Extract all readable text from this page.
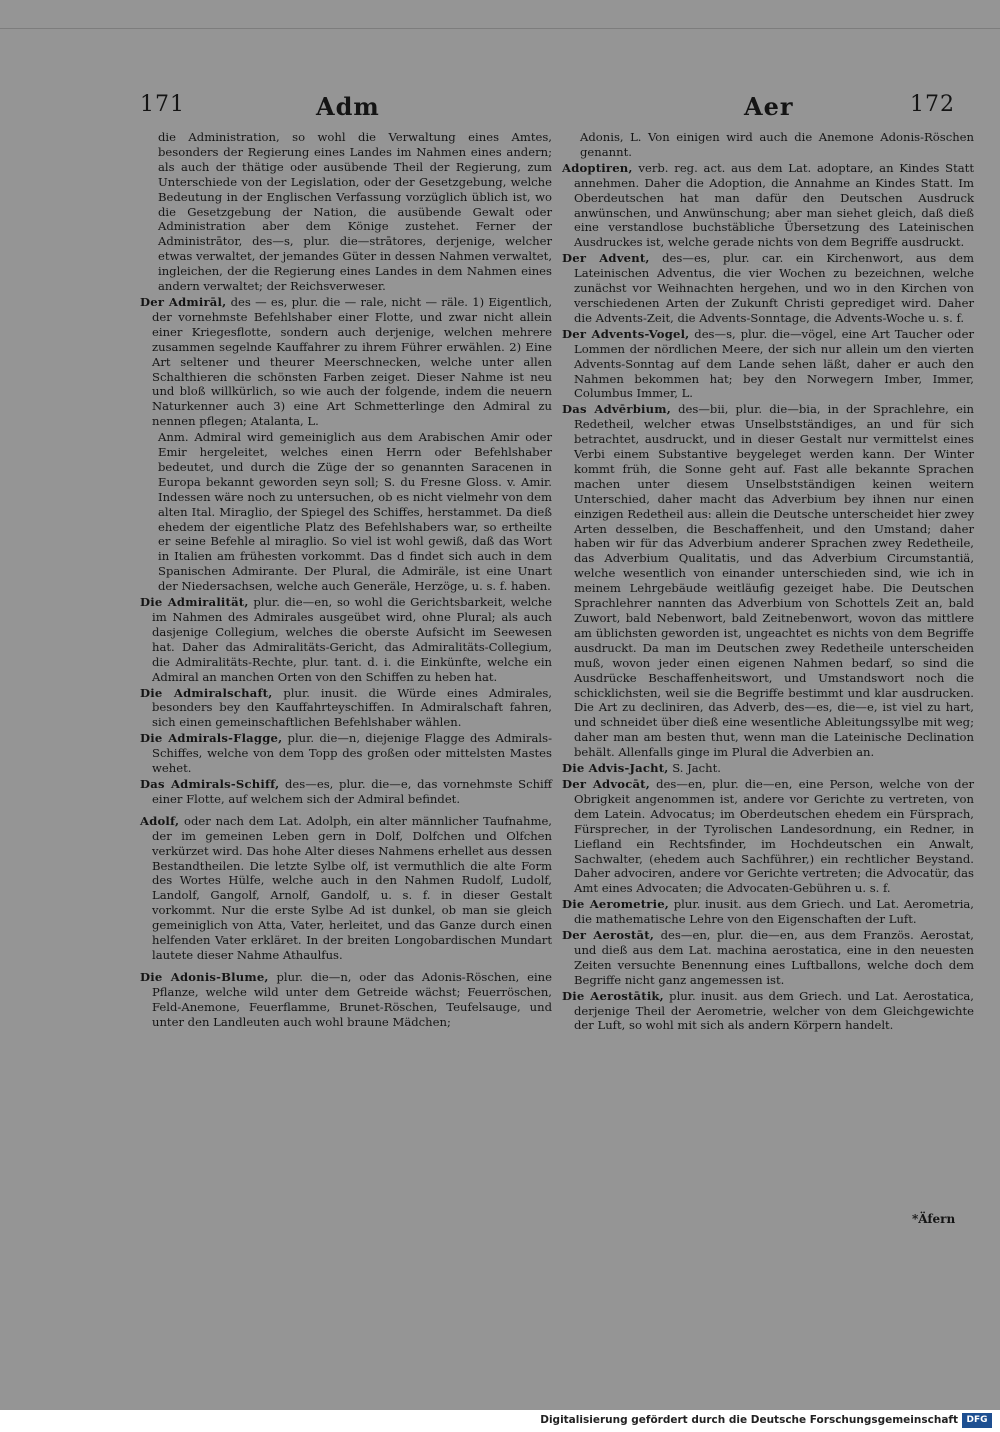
171	Adm	Aer	172
die Administration, so wohl die Verwaltung eines Amtes, besonders der Regierung eines Landes im Nahmen eines andern; als auch der thätige oder ausübende Theil der Regierung, zum Unterschiede von der Legislation, oder der Gesetzgebung, welche Bedeutung in der Englischen Verfassung vorzüglich üblich ist, wo die Gesetzgebung der Nation, die ausübende Gewalt oder Administration aber dem Könige zustehet. Ferner der Administrātor, des—s, plur. die—strātores, derjenige, welcher etwas verwaltet, der jemandes Güter in dessen Nahmen verwaltet, ingleichen, der die Regierung eines Landes in dem Nahmen eines andern verwaltet; der Reichsverweser.
Der Admirāl, des — es, plur. die — rale, nicht — räle. 1) Eigentlich, der vornehmste Befehlshaber einer Flotte, und zwar nicht allein einer Kriegesflotte, sondern auch derjenige, welchen mehrere zusammen segelnde Kauffahrer zu ihrem Führer erwählen. 2) Eine Art seltener und theurer Meerschnecken, welche unter allen Schalthieren die schönsten Farben zeiget. Dieser Nahme ist neu und bloß willkürlich, so wie auch der folgende, indem die neuern Naturkenner auch 3) eine Art Schmetterlinge den Admiral zu nennen pflegen; Atalanta, L.
Anm. Admiral wird gemeiniglich aus dem Arabischen Amir oder Emir hergeleitet, welches einen Herrn oder Befehlshaber bedeutet, und durch die Züge der so genannten Saracenen in Europa bekannt geworden seyn soll; S. du Fresne Gloss. v. Amir. Indessen wäre noch zu untersuchen, ob es nicht vielmehr von dem alten Ital. Miraglio, der Spiegel des Schiffes, herstammet. Da dieß ehedem der eigentliche Platz des Befehlshabers war, so ertheilte er seine Befehle al miraglio. So viel ist wohl gewiß, daß das Wort in Italien am frühesten vorkommt. Das d findet sich auch in dem Spanischen Admirante. Der Plural, die Admiräle, ist eine Unart der Niedersachsen, welche auch Generäle, Herzöge, u. s. f. haben.
Die Admiralität, plur. die—en, so wohl die Gerichtsbarkeit, welche im Nahmen des Admirales ausgeübet wird, ohne Plural; als auch dasjenige Collegium, welches die oberste Aufsicht im Seewesen hat. Daher das Admiralitäts-Gericht, das Admiralitäts-Collegium, die Admiralitäts-Rechte, plur. tant. d. i. die Einkünfte, welche ein Admiral an manchen Orten von den Schiffen zu heben hat.
Die Admiralschaft, plur. inusit. die Würde eines Admirales, besonders bey den Kauffahrteyschiffen. In Admiralschaft fahren, sich einen gemeinschaftlichen Befehlshaber wählen.
Die Admirals-Flagge, plur. die—n, diejenige Flagge des Admirals-Schiffes, welche von dem Topp des großen oder mittelsten Mastes wehet.
Das Admirals-Schiff, des—es, plur. die—e, das vornehmste Schiff einer Flotte, auf welchem sich der Admiral befindet.
Adolf, oder nach dem Lat. Adolph, ein alter männlicher Taufnahme, der im gemeinen Leben gern in Dolf, Dolfchen und Olfchen verkürzet wird. Das hohe Alter dieses Nahmens erhellet aus dessen Bestandtheilen. Die letzte Sylbe olf, ist vermuthlich die alte Form des Wortes Hülfe, welche auch in den Nahmen Rudolf, Ludolf, Landolf, Gangolf, Arnolf, Gandolf, u. s. f. in dieser Gestalt vorkommt. Nur die erste Sylbe Ad ist dunkel, ob man sie gleich gemeiniglich von Atta, Vater, herleitet, und das Ganze durch einen helfenden Vater erkläret. In der breiten Longobardischen Mundart lautete dieser Nahme Athaulfus.
Die Adonis-Blume, plur. die—n, oder das Adonis-Röschen, eine Pflanze, welche wild unter dem Getreide wächst; Feuerröschen, Feld-Anemone, Feuerflamme, Brunet-Röschen, Teufelsauge, und unter den Landleuten auch wohl braune Mädchen;
Adonis, L. Von einigen wird auch die Anemone Adonis-Röschen genannt.
Adoptiren, verb. reg. act. aus dem Lat. adoptare, an Kindes Statt annehmen. Daher die Adoption, die Annahme an Kindes Statt. Im Oberdeutschen hat man dafür den Deutschen Ausdruck anwünschen, und Anwünschung; aber man siehet gleich, daß dieß eine verstandlose buchstäbliche Übersetzung des Lateinischen Ausdruckes ist, welche gerade nichts von dem Begriffe ausdruckt.
Der Advent, des—es, plur. car. ein Kirchenwort, aus dem Lateinischen Adventus, die vier Wochen zu bezeichnen, welche zunächst vor Weihnachten hergehen, und wo in den Kirchen von verschiedenen Arten der Zukunft Christi geprediget wird. Daher die Advents-Zeit, die Advents-Sonntage, die Advents-Woche u. s. f.
Der Advents-Vogel, des—s, plur. die—vögel, eine Art Taucher oder Lommen der nördlichen Meere, der sich nur allein um den vierten Advents-Sonntag auf dem Lande sehen läßt, daher er auch den Nahmen bekommen hat; bey den Norwegern Imber, Immer, Columbus Immer, L.
Das Advērbium, des—bii, plur. die—bia, in der Sprachlehre, ein Redetheil, welcher etwas Unselbstständiges, an und für sich betrachtet, ausdruckt, und in dieser Gestalt nur vermittelst eines Verbi einem Substantive beygeleget werden kann. Der Winter kommt früh, die Sonne geht auf. Fast alle bekannte Sprachen machen unter diesem Unselbstständigen keinen weitern Unterschied, daher macht das Adverbium bey ihnen nur einen einzigen Redetheil aus: allein die Deutsche unterscheidet hier zwey Arten desselben, die Beschaffenheit, und den Umstand; daher haben wir für das Adverbium anderer Sprachen zwey Redetheile, das Adverbium Qualitatis, und das Adverbium Circumstantiä, welche wesentlich von einander unterschieden sind, wie ich in meinem Lehrgebäude weitläufig gezeiget habe. Die Deutschen Sprachlehrer nannten das Adverbium von Schottels Zeit an, bald Zuwort, bald Nebenwort, bald Zeitnebenwort, wovon das mittlere am üblichsten geworden ist, ungeachtet es nichts von dem Begriffe ausdruckt. Da man im Deutschen zwey Redetheile unterscheiden muß, wovon jeder einen eigenen Nahmen bedarf, so sind die Ausdrücke Beschaffenheitswort, und Umstandswort noch die schicklichsten, weil sie die Begriffe bestimmt und klar ausdrucken. Die Art zu decliniren, das Adverb, des—es, die—e, ist viel zu hart, und schneidet über dieß eine wesentliche Ableitungssylbe mit weg; daher man am besten thut, wenn man die Lateinische Declination behält. Allenfalls ginge im Plural die Adverbien an.
Die Advis-Jacht, S. Jacht.
Der Advocāt, des—en, plur. die—en, eine Person, welche von der Obrigkeit angenommen ist, andere vor Gerichte zu vertreten, von dem Latein. Advocatus; im Oberdeutschen ehedem ein Fürsprach, Fürsprecher, in der Tyrolischen Landesordnung, ein Redner, in Liefland ein Rechtsfinder, im Hochdeutschen ein Anwalt, Sachwalter, (ehedem auch Sachführer,) ein rechtlicher Beystand. Daher advociren, andere vor Gerichte vertreten; die Advocatür, das Amt eines Advocaten; die Advocaten-Gebühren u. s. f.
Die Aerometrie, plur. inusit. aus dem Griech. und Lat. Aerometria, die mathematische Lehre von den Eigenschaften der Luft.
Der Aerostāt, des—en, plur. die—en, aus dem Französ. Aerostat, und dieß aus dem Lat. machina aerostatica, eine in den neuesten Zeiten versuchte Benennung eines Luftballons, welche doch dem Begriffe nicht ganz angemessen ist.
Die Aerostātik, plur. inusit. aus dem Griech. und Lat. Aerostatica, derjenige Theil der Aerometrie, welcher von dem Gleichgewichte der Luft, so wohl mit sich als andern Körpern handelt.
*Äfern
Digitalisierung gefördert durch die Deutsche Forschungsgemeinschaft DFG
